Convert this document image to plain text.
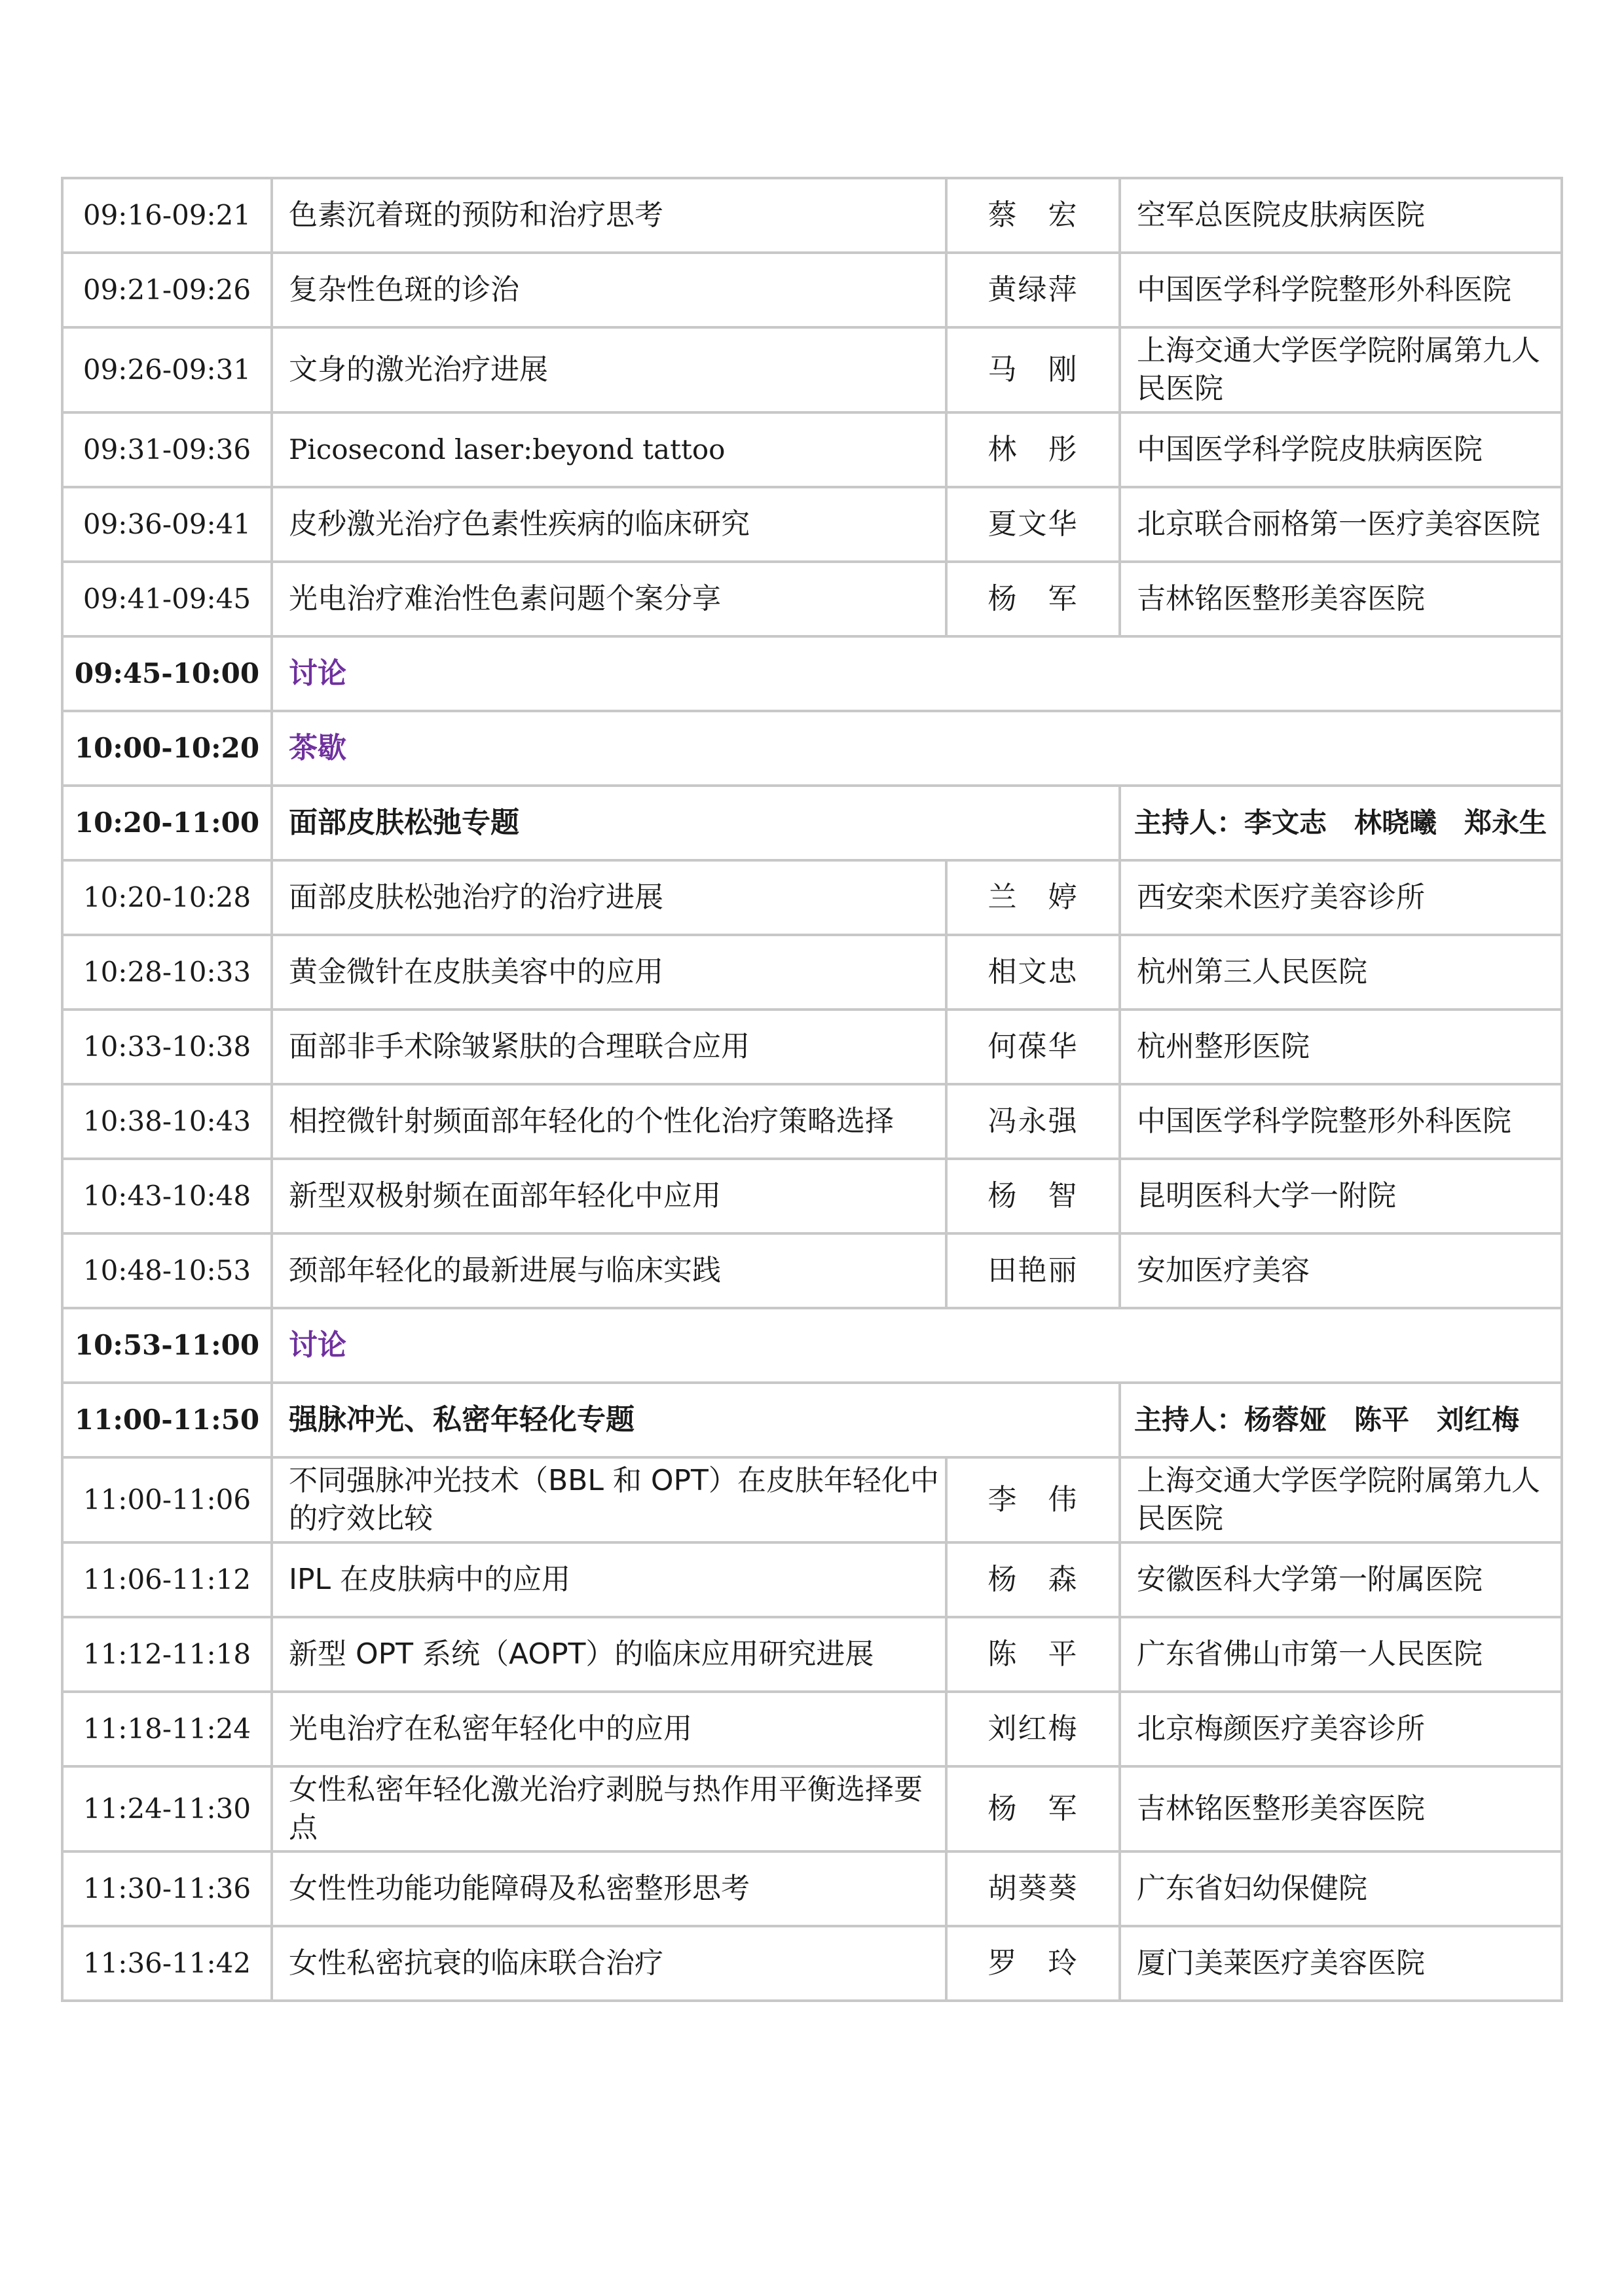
09:16-09:21	色素沉着斑的预防和治疗思考	蔡　宏	空军总医院皮肤病医院
09:21-09:26	复杂性色斑的诊治	黄绿萍	中国医学科学院整形外科医院
09:26-09:31	文身的激光治疗进展	马　刚	上海交通大学医学院附属第九人民医院
09:31-09:36	Picosecond laser:beyond tattoo	林　彤	中国医学科学院皮肤病医院
09:36-09:41	皮秒激光治疗色素性疾病的临床研究	夏文华	北京联合丽格第一医疗美容医院
09:41-09:45	光电治疗难治性色素问题个案分享	杨　军	吉林铭医整形美容医院
09:45-10:00	讨论		
10:00-10:20	茶歇		
10:20-11:00	面部皮肤松弛专题		主持人：李文志　林晓曦　郑永生
10:20-10:28	面部皮肤松弛治疗的治疗进展	兰　婷	西安栾术医疗美容诊所
10:28-10:33	黄金微针在皮肤美容中的应用	相文忠	杭州第三人民医院
10:33-10:38	面部非手术除皱紧肤的合理联合应用	何葆华	杭州整形医院
10:38-10:43	相控微针射频面部年轻化的个性化治疗策略选择	冯永强	中国医学科学院整形外科医院
10:43-10:48	新型双极射频在面部年轻化中应用	杨　智	昆明医科大学一附院
10:48-10:53	颈部年轻化的最新进展与临床实践	田艳丽	安加医疗美容
10:53-11:00	讨论		
11:00-11:50	强脉冲光、私密年轻化专题		主持人：杨蓉娅　陈平　刘红梅
11:00-11:06	不同强脉冲光技术（BBL 和 OPT）在皮肤年轻化中的疗效比较	李　伟	上海交通大学医学院附属第九人民医院
11:06-11:12	IPL 在皮肤病中的应用	杨　森	安徽医科大学第一附属医院
11:12-11:18	新型 OPT 系统（AOPT）的临床应用研究进展	陈　平	广东省佛山市第一人民医院
11:18-11:24	光电治疗在私密年轻化中的应用	刘红梅	北京梅颜医疗美容诊所
11:24-11:30	女性私密年轻化激光治疗剥脱与热作用平衡选择要点	杨　军	吉林铭医整形美容医院
11:30-11:36	女性性功能功能障碍及私密整形思考	胡葵葵	广东省妇幼保健院
11:36-11:42	女性私密抗衰的临床联合治疗	罗　玲	厦门美莱医疗美容医院
